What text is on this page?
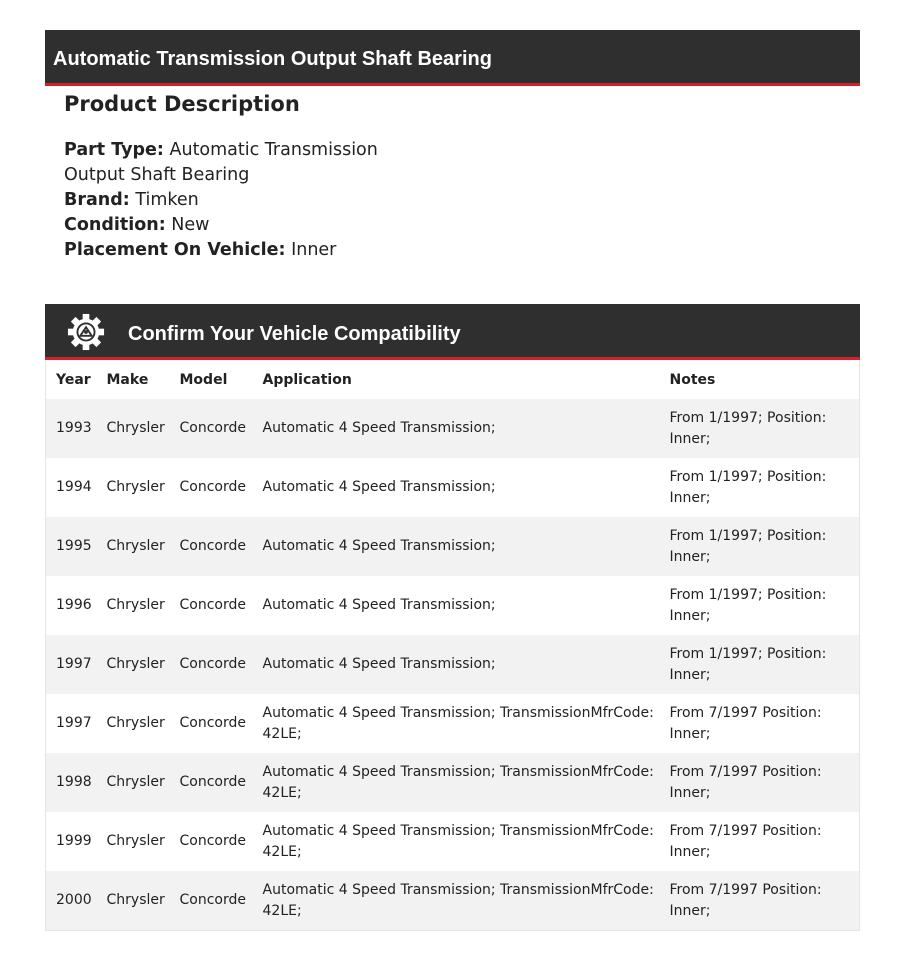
Automatic Transmission Output Shaft Bearing
Product Description
Part Type: Automatic Transmission Output Shaft Bearing
Brand: Timken
Condition: New
Placement On Vehicle: Inner
Confirm Your Vehicle Compatibility
Year	Make	Model	Application	Notes
1993	Chrysler	Concorde	Automatic 4 Speed Transmission;	From 1/1997; Position: Inner;
1994	Chrysler	Concorde	Automatic 4 Speed Transmission;	From 1/1997; Position: Inner;
1995	Chrysler	Concorde	Automatic 4 Speed Transmission;	From 1/1997; Position: Inner;
1996	Chrysler	Concorde	Automatic 4 Speed Transmission;	From 1/1997; Position: Inner;
1997	Chrysler	Concorde	Automatic 4 Speed Transmission;	From 1/1997; Position: Inner;
1997	Chrysler	Concorde	Automatic 4 Speed Transmission; TransmissionMfrCode: 42LE;	From 7/1997 Position: Inner;
1998	Chrysler	Concorde	Automatic 4 Speed Transmission; TransmissionMfrCode: 42LE;	From 7/1997 Position: Inner;
1999	Chrysler	Concorde	Automatic 4 Speed Transmission; TransmissionMfrCode: 42LE;	From 7/1997 Position: Inner;
2000	Chrysler	Concorde	Automatic 4 Speed Transmission; TransmissionMfrCode: 42LE;	From 7/1997 Position: Inner;
